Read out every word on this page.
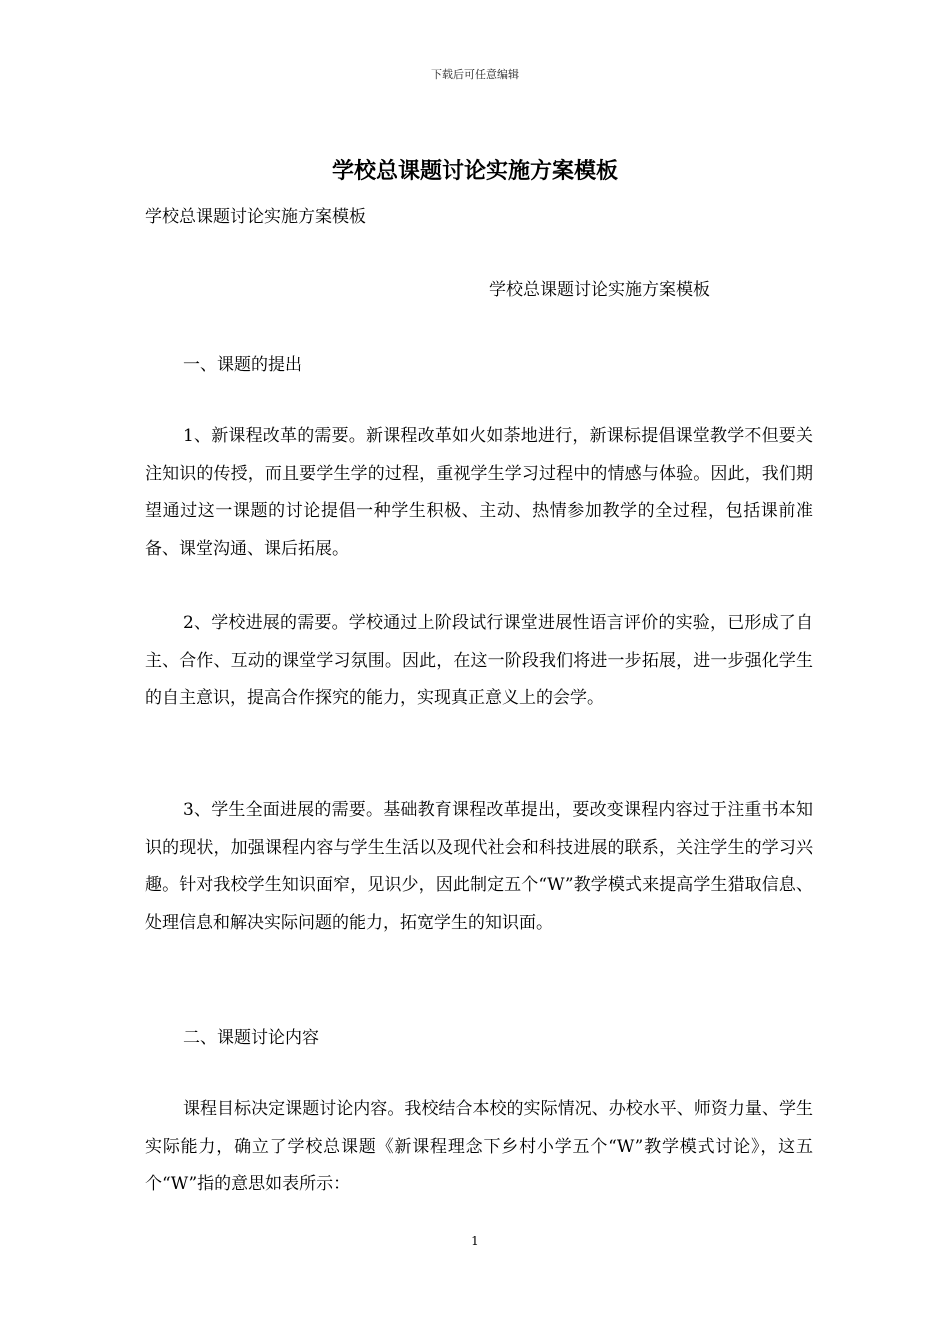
下载后可任意编辑
学校总课题讨论实施方案模板
学校总课题讨论实施方案模板
学校总课题讨论实施方案模板
一、课题的提出

1、新课程改革的需要。新课程改革如火如荼地进行，新课标提倡课堂教学不但要关注知识的传授，而且要学生学的过程，重视学生学习过程中的情感与体验。因此，我们期望通过这一课题的讨论提倡一种学生积极、主动、热情参加教学的全过程，包括课前准备、课堂沟通、课后拓展。

2、学校进展的需要。学校通过上阶段试行课堂进展性语言评价的实验，已形成了自主、合作、互动的课堂学习氛围。因此，在这一阶段我们将进一步拓展，进一步强化学生的自主意识，提高合作探究的能力，实现真正意义上的会学。

3、学生全面进展的需要。基础教育课程改革提出，要改变课程内容过于注重书本知识的现状，加强课程内容与学生生活以及现代社会和科技进展的联系，关注学生的学习兴趣。针对我校学生知识面窄，见识少，因此制定五个“W”教学模式来提高学生猎取信息、处理信息和解决实际问题的能力，拓宽学生的知识面。

二、课题讨论内容

课程目标决定课题讨论内容。我校结合本校的实际情况、办校水平、师资力量、学生实际能力，确立了学校总课题《新课程理念下乡村小学五个“W”教学模式讨论》，这五个“W”指的意思如表所示：

1
